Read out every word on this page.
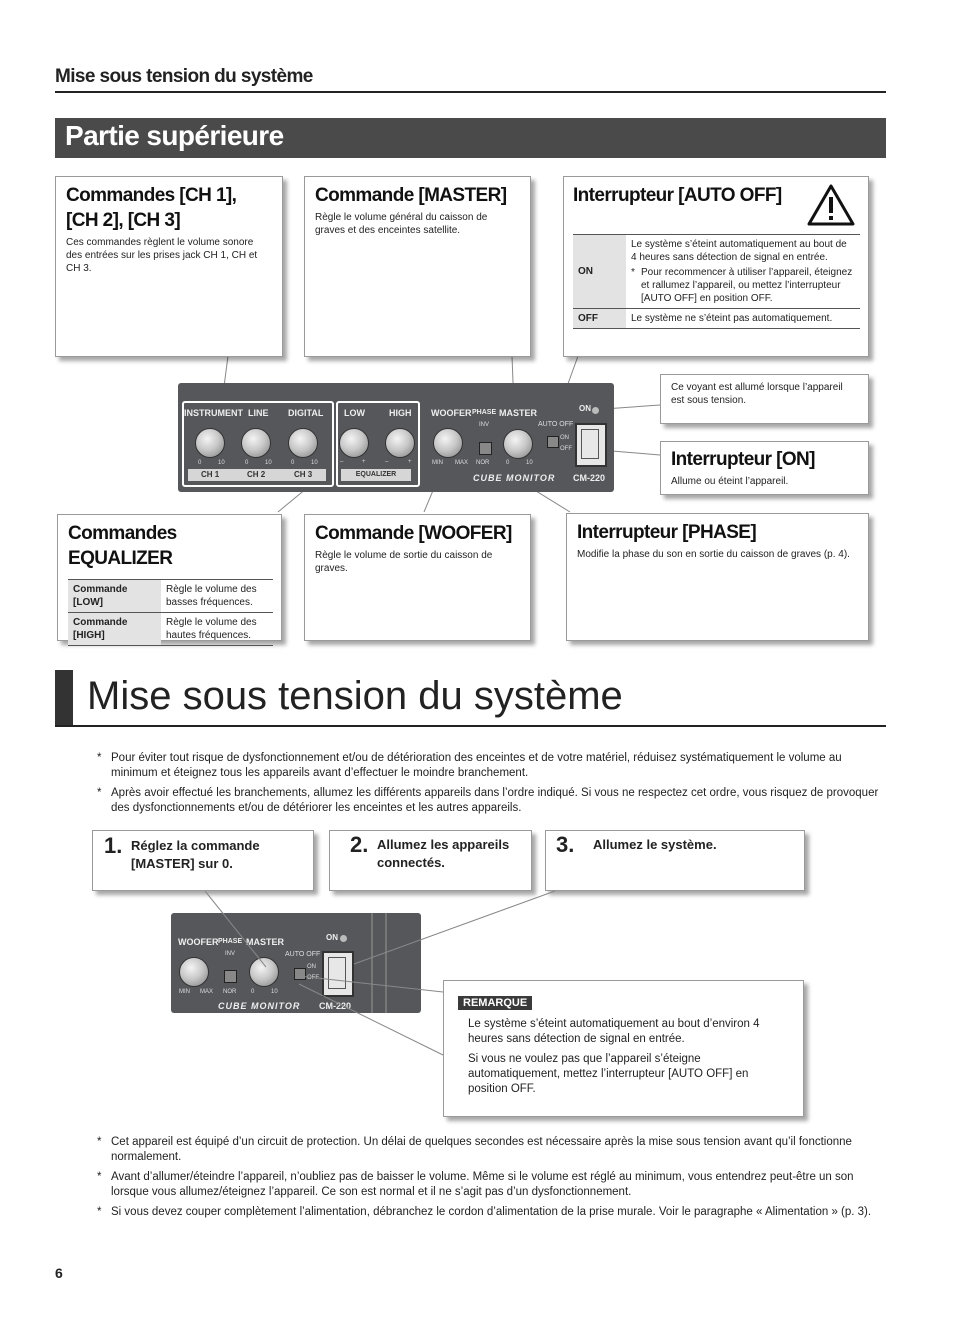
Mise sous tension du système
Partie supérieure
Commandes [CH 1], [CH 2], [CH 3]

Ces commandes règlent le volume sonore des entrées sur les prises jack CH 1, CH et CH 3.

Commande [MASTER]

Règle le volume général du caisson de graves et des enceintes satellite.

Interrupteur [AUTO OFF]
ON	Le système s’éteint automatiquement au bout de 4 heures sans détection de signal en entrée.
* Pour recommencer à utiliser l’appareil, éteignez et rallumez l’appareil, ou mettez l’interrupteur [AUTO OFF] en position OFF.

OFF	Le système ne s’éteint pas automatiquement.

Ce voyant est allumé lorsque l’appareil est sous tension.

Interrupteur [ON]

Allume ou éteint l’appareil.

INSTRUMENT LINE DIGITAL LOW	HIGH WOOFER PHASE MASTER	ON
AUTO OFF
INV
NOR
ON
OFF
0	10	0	10	0	10	–	+	–	+	MIN MAX	0	10
CH 1	CH 2	CH 3	EQUALIZER	CUBE MONITOR CM-220
Commandes EQUALIZER
Commande [LOW]	Règle le volume des basses fréquences.
Commande [HIGH]	Règle le volume des hautes fréquences.
Commande [WOOFER]

Règle le volume de sortie du caisson de graves.

Interrupteur [PHASE]

Modifie la phase du son en sortie du caisson de graves (p. 4).

Mise sous tension du système
* Pour éviter tout risque de dysfonctionnement et/ou de détérioration des enceintes et de votre matériel, réduisez systématiquement le volume au minimum et éteignez tous les appareils avant d’effectuer le moindre branchement.
* Après avoir effectué les branchements, allumez les différents appareils dans l’ordre indiqué. Si vous ne respectez cet ordre, vous risquez de provoquer des dysfonctionnements et/ou de détériorer les enceintes et les autres appareils.
1. Réglez la commande [MASTER] sur 0.
2. Allumez les appareils connectés.
3. Allumez le système.
WOOFER PHASE MASTER	ON
AUTO OFF
INV
NOR
ON
OFF
MIN MAX	0	10
CUBE MONITOR CM-220	REMARQUE

Le système s’éteint automatiquement au bout d’environ 4 heures sans détection de signal en entrée.

Si vous ne voulez pas que l’appareil s’éteigne automatiquement, mettez l’interrupteur [AUTO OFF] en position OFF.

* Cet appareil est équipé d’un circuit de protection. Un délai de quelques secondes est nécessaire après la mise sous tension avant qu’il fonctionne normalement.
* Avant d’allumer/éteindre l’appareil, n’oubliez pas de baisser le volume. Même si le volume est réglé au minimum, vous entendrez peut-être un son lorsque vous allumez/éteignez l’appareil. Ce son est normal et il ne s’agit pas d’un dysfonctionnement.
* Si vous devez couper complètement l’alimentation, débranchez le cordon d’alimentation de la prise murale. Voir le paragraphe « Alimentation » (p. 3).
6
